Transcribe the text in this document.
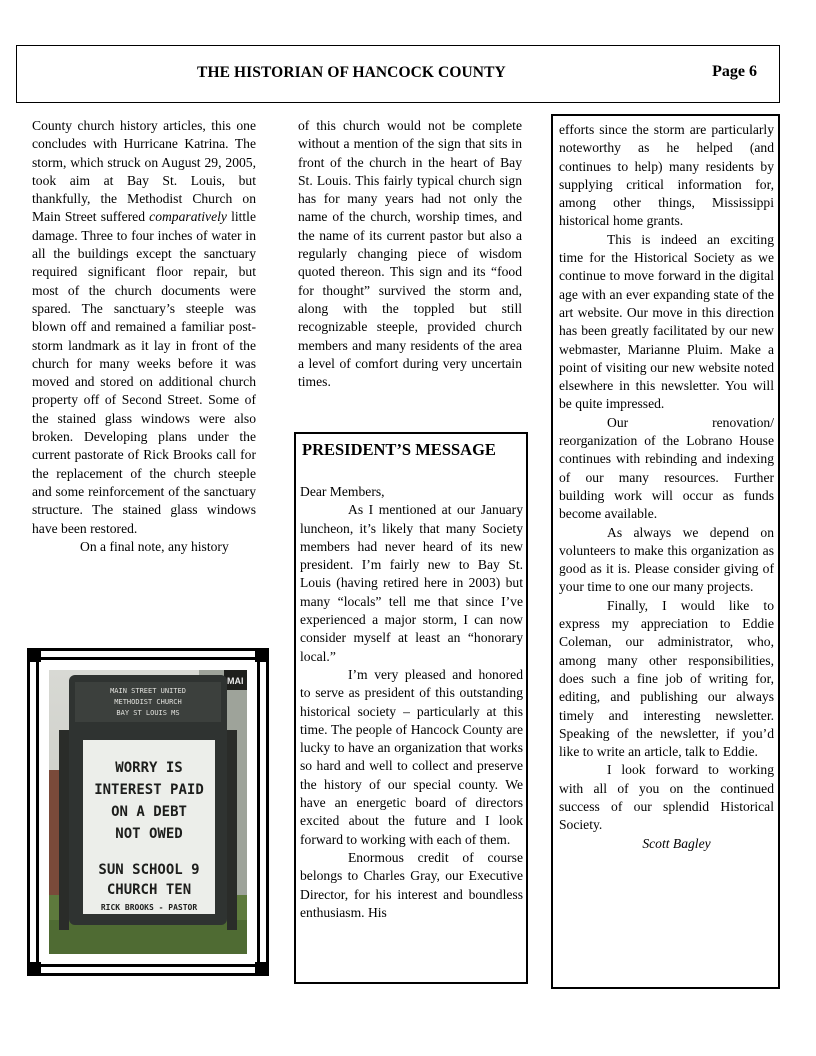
THE HISTORIAN OF HANCOCK COUNTY	Page 6

County church history articles, this one concludes with Hurricane Katrina. The storm, which struck on August 29, 2005, took aim at Bay St. Louis, but thankfully, the Methodist Church on Main Street suffered comparatively little damage. Three to four inches of water in all the buildings except the sanctuary required significant floor repair, but most of the church documents were spared. The sanctuary’s steeple was blown off and remained a familiar post-storm landmark as it lay in front of the church for many weeks before it was moved and stored on additional church property off of Second Street. Some of the stained glass windows were also broken. Developing plans under the current pastorate of Rick Brooks call for the replacement of the church steeple and some reinforcement of the sanctuary structure. The stained glass windows have been restored.

On a final note, any history

of this church would not be complete without a mention of the sign that sits in front of the church in the heart of Bay St. Louis. This fairly typical church sign has for many years had not only the name of the church, worship times, and the name of its current pastor but also a regularly changing piece of wisdom quoted thereon. This sign and its “food for thought” survived the storm and, along with the toppled but still recognizable steeple, provided church members and many residents of the area a level of comfort during very uncertain times.

MAI
MAIN STREET UNITED
METHODIST CHURCH
BAY ST LOUIS MS
WORRY IS
INTEREST PAID
ON A DEBT
NOT OWED
SUN SCHOOL 9
CHURCH TEN
RICK BROOKS - PASTOR
PRESIDENT’S MESSAGE

Dear Members,

As I mentioned at our January luncheon, it’s likely that many Society members had never heard of its new president. I’m fairly new to Bay St. Louis (having retired here in 2003) but many “locals” tell me that since I’ve experienced a major storm, I can now consider myself at least an “honorary local.”

I’m very pleased and honored to serve as president of this outstanding historical society – particularly at this time. The people of Hancock County are lucky to have an organization that works so hard and well to collect and preserve the history of our special county. We have an energetic board of directors excited about the future and I look forward to working with each of them.

Enormous credit of course belongs to Charles Gray, our Executive Director, for his interest and boundless enthusiasm. His

efforts since the storm are particularly noteworthy as he helped (and continues to help) many residents by supplying critical information for, among other things, Mississippi historical home grants.

This is indeed an exciting time for the Historical Society as we continue to move forward in the digital age with an ever expanding state of the art website. Our move in this direction has been greatly facilitated by our new webmaster, Marianne Pluim. Make a point of visiting our new website noted elsewhere in this newsletter. You will be quite impressed.

Our renovation/ reorganization of the Lobrano House continues with rebinding and indexing of our many resources. Further building work will occur as funds become available.

As always we depend on volunteers to make this organization as good as it is. Please consider giving of your time to one our many projects.

Finally, I would like to express my appreciation to Eddie Coleman, our administrator, who, among many other responsibilities, does such a fine job of writing for, editing, and publishing our always timely and interesting newsletter. Speaking of the newsletter, if you’d like to write an article, talk to Eddie.

I look forward to working with all of you on the continued success of our splendid Historical Society.

Scott Bagley
